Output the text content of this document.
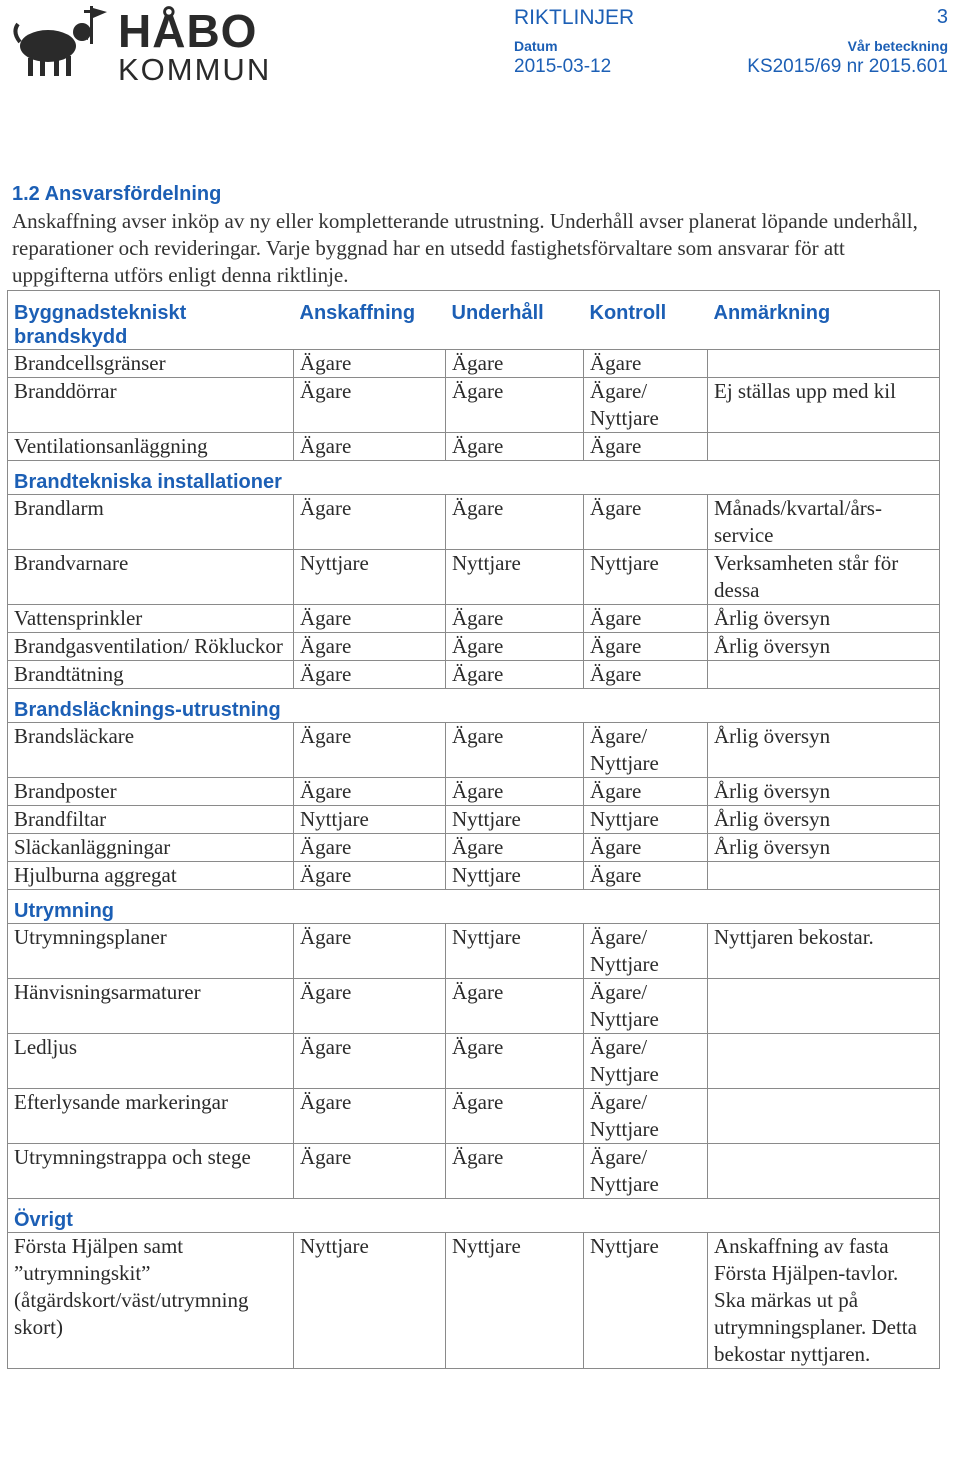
HÅBO
KOMMUN
RIKTLINJER	3
Datum
2015-03-12
Vår beteckning
KS2015/69 nr 2015.601
1.2 Ansvarsfördelning
Anskaffning avser inköp av ny eller kompletterande utrustning. Underhåll avser planerat löpande underhåll, reparationer och revideringar. Varje byggnad har en utsedd fastighetsförvaltare som ansvarar för att uppgifterna utförs enligt denna riktlinje.
Byggnadstekniskt brandskydd	Anskaffning	Underhåll	Kontroll	Anmärkning
Brandcellsgränser	Ägare	Ägare	Ägare	
Branddörrar	Ägare	Ägare	Ägare/ Nyttjare	Ej ställas upp med kil
Ventilationsanläggning	Ägare	Ägare	Ägare	
Brandtekniska installationer				
Brandlarm	Ägare	Ägare	Ägare	Månads/kvartal/års-service
Brandvarnare	Nyttjare	Nyttjare	Nyttjare	Verksamheten står för dessa
Vattensprinkler	Ägare	Ägare	Ägare	Årlig översyn
Brandgasventilation/ Rökluckor	Ägare	Ägare	Ägare	Årlig översyn
Brandtätning	Ägare	Ägare	Ägare	
Brandsläcknings-utrustning				
Brandsläckare	Ägare	Ägare	Ägare/ Nyttjare	Årlig översyn
Brandposter	Ägare	Ägare	Ägare	Årlig översyn
Brandfiltar	Nyttjare	Nyttjare	Nyttjare	Årlig översyn
Släckanläggningar	Ägare	Ägare	Ägare	Årlig översyn
Hjulburna aggregat	Ägare	Nyttjare	Ägare	
Utrymning				
Utrymningsplaner	Ägare	Nyttjare	Ägare/ Nyttjare	Nyttjaren bekostar.
Hänvisningsarmaturer	Ägare	Ägare	Ägare/ Nyttjare	
Ledljus	Ägare	Ägare	Ägare/ Nyttjare	
Efterlysande markeringar	Ägare	Ägare	Ägare/ Nyttjare	
Utrymningstrappa och stege	Ägare	Ägare	Ägare/ Nyttjare	
Övrigt				
Första Hjälpen samt ”utrymningskit” (åtgärdskort/väst/utrymning skort)	Nyttjare	Nyttjare	Nyttjare	Anskaffning av fasta Första Hjälpen-tavlor. Ska märkas ut på utrymningsplaner. Detta bekostar nyttjaren.
